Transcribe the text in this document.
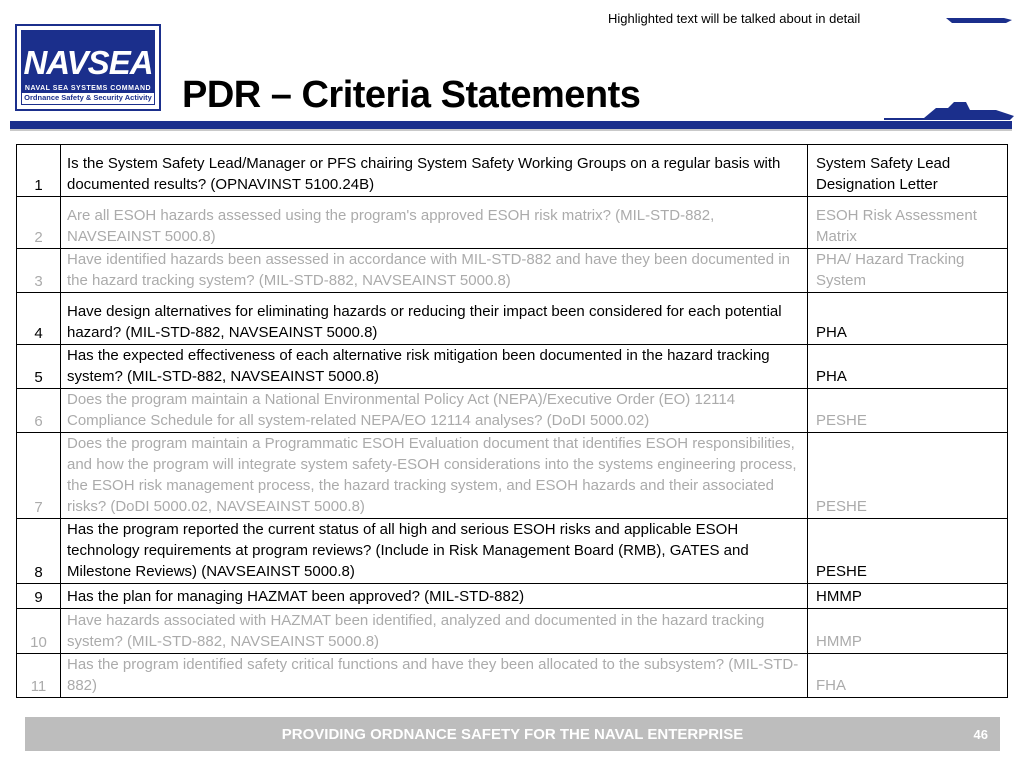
Highlighted text will be talked about in detail
NAVSEA
NAVAL SEA SYSTEMS COMMAND
Ordnance Safety & Security Activity PDR – Criteria Statements
1	Is the System Safety Lead/Manager or PFS chairing System Safety Working Groups on a regular basis with documented results? (OPNAVINST 5100.24B)	System Safety Lead Designation Letter
2	Are all ESOH hazards assessed using the program's approved ESOH risk matrix? (MIL-STD-882, NAVSEAINST 5000.8)	ESOH Risk Assessment Matrix
3	Have identified hazards been assessed in accordance with MIL-STD-882 and have they been documented in the hazard tracking system? (MIL-STD-882, NAVSEAINST 5000.8)	PHA/ Hazard Tracking System
4	Have design alternatives for eliminating hazards or reducing their impact been considered for each potential hazard? (MIL-STD-882, NAVSEAINST 5000.8)	PHA
5	Has the expected effectiveness of each alternative risk mitigation been documented in the hazard tracking system? (MIL-STD-882, NAVSEAINST 5000.8)	PHA
6	Does the program maintain a National Environmental Policy Act (NEPA)/Executive Order (EO) 12114 Compliance Schedule for all system-related NEPA/EO 12114 analyses? (DoDI 5000.02)	PESHE
7	Does the program maintain a Programmatic ESOH Evaluation document that identifies ESOH responsibilities, and how the program will integrate system safety-ESOH considerations into the systems engineering process, the ESOH risk management process, the hazard tracking system, and ESOH hazards and their associated risks? (DoDI 5000.02, NAVSEAINST 5000.8)	PESHE
8	Has the program reported the current status of all high and serious ESOH risks and applicable ESOH technology requirements at program reviews? (Include in Risk Management Board (RMB), GATES and Milestone Reviews) (NAVSEAINST 5000.8)	PESHE
9	Has the plan for managing HAZMAT been approved? (MIL-STD-882)	HMMP
10	Have hazards associated with HAZMAT been identified, analyzed and documented in the hazard tracking system? (MIL-STD-882, NAVSEAINST 5000.8)	HMMP
11	Has the program identified safety critical functions and have they been allocated to the subsystem? (MIL-STD-882)	FHA
PROVIDING ORDNANCE SAFETY FOR THE NAVAL ENTERPRISE	46
